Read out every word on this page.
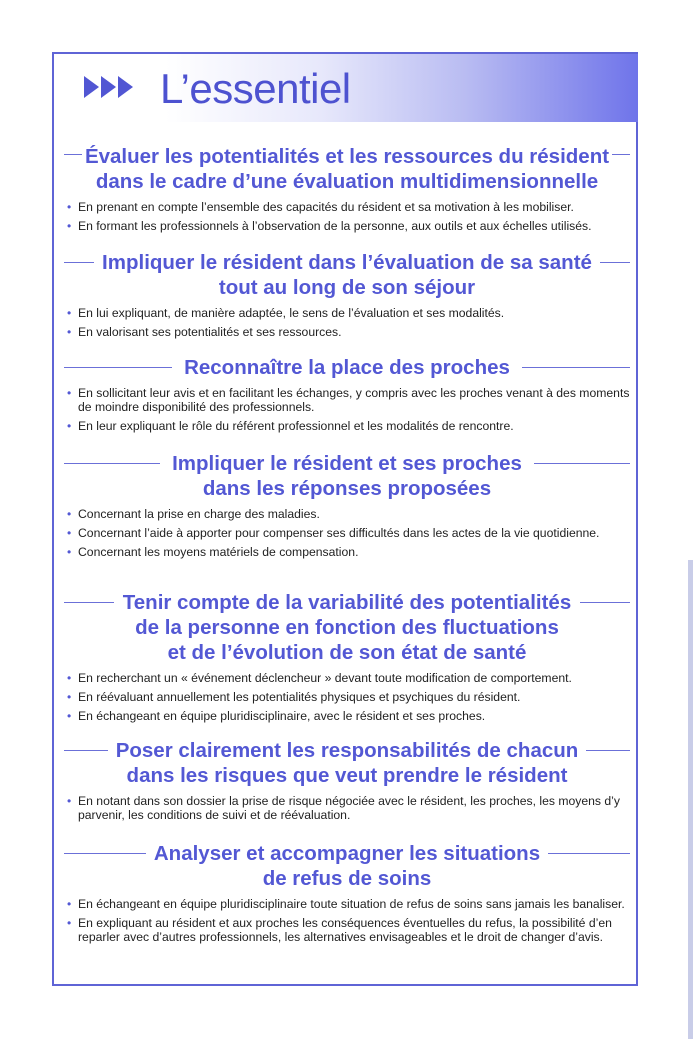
L’essentiel
Évaluer les potentialités et les ressources du résident
dans le cadre d’une évaluation multidimensionnelle
• En prenant en compte l’ensemble des capacités du résident et sa motivation à les mobiliser.
• En formant les professionnels à l’observation de la personne, aux outils et aux échelles utilisés.
Impliquer le résident dans l’évaluation de sa santé
tout au long de son séjour
• En lui expliquant, de manière adaptée, le sens de l’évaluation et ses modalités.
• En valorisant ses potentialités et ses ressources.
Reconnaître la place des proches
• En sollicitant leur avis et en facilitant les échanges, y compris avec les proches venant à des moments de moindre disponibilité des professionnels.
• En leur expliquant le rôle du référent professionnel et les modalités de rencontre.
Impliquer le résident et ses proches
dans les réponses proposées
• Concernant la prise en charge des maladies.
• Concernant l’aide à apporter pour compenser ses difficultés dans les actes de la vie quotidienne.
• Concernant les moyens matériels de compensation.
Tenir compte de la variabilité des potentialités
de la personne en fonction des fluctuations
et de l’évolution de son état de santé
• En recherchant un « événement déclencheur » devant toute modification de comportement.
• En réévaluant annuellement les potentialités physiques et psychiques du résident.
• En échangeant en équipe pluridisciplinaire, avec le résident et ses proches.
Poser clairement les responsabilités de chacun
dans les risques que veut prendre le résident
• En notant dans son dossier la prise de risque négociée avec le résident, les proches, les moyens d’y parvenir, les conditions de suivi et de réévaluation.
Analyser et accompagner les situations
de refus de soins
• En échangeant en équipe pluridisciplinaire toute situation de refus de soins sans jamais les banaliser.
• En expliquant au résident et aux proches les conséquences éventuelles du refus, la possibilité d’en reparler avec d’autres professionnels, les alternatives envisageables et le droit de changer d’avis.
